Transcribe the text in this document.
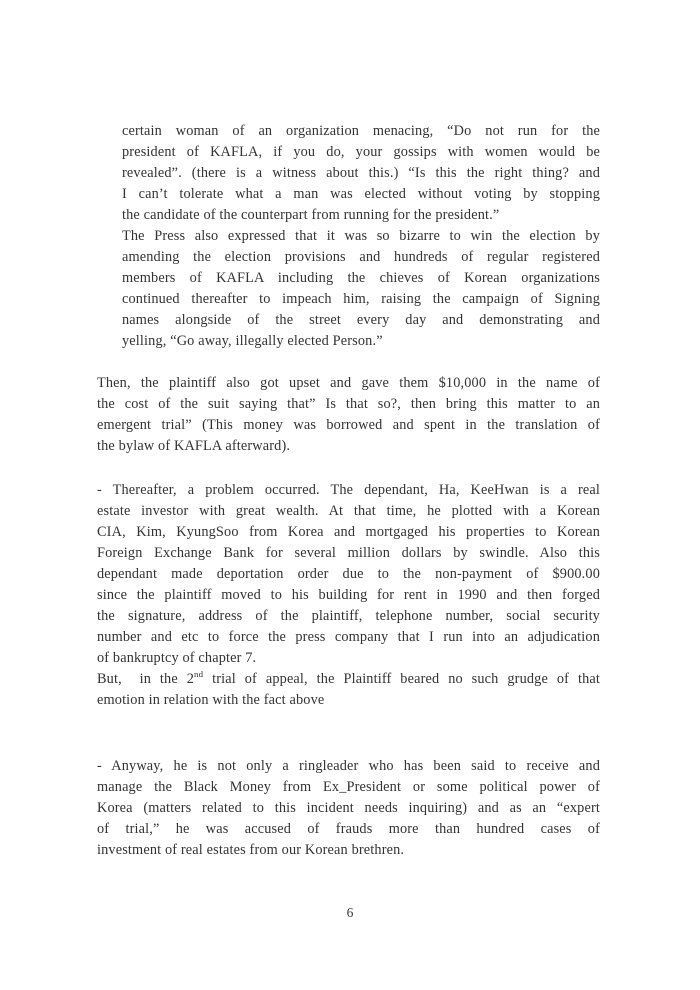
certain woman of an organization menacing, “Do not run for the
president of KAFLA, if you do, your gossips with women would be
revealed”. (there is a witness about this.) “Is this the right thing? and
I can’t tolerate what a man was elected without voting by stopping
the candidate of the counterpart from running for the president.”
The Press also expressed that it was so bizarre to win the election by
amending the election provisions and hundreds of regular registered
members of KAFLA including the chieves of Korean organizations
continued thereafter to impeach him, raising the campaign of Signing
names alongside of the street every day and demonstrating and
yelling, “Go away, illegally elected Person.”
Then, the plaintiff also got upset and gave them $10,000 in the name of
the cost of the suit saying that” Is that so?, then bring this matter to an
emergent trial” (This money was borrowed and spent in the translation of
the bylaw of KAFLA afterward).
- Thereafter, a problem occurred. The dependant, Ha, KeeHwan is a real
estate investor with great wealth. At that time, he plotted with a Korean
CIA, Kim, KyungSoo from Korea and mortgaged his properties to Korean
Foreign Exchange Bank for several million dollars by swindle. Also this
dependant made deportation order due to the non-payment of $900.00
since the plaintiff moved to his building for rent in 1990 and then forged
the signature, address of the plaintiff, telephone number, social security
number and etc to force the press company that I run into an adjudication
of bankruptcy of chapter 7.
But,  in the 2nd trial of appeal, the Plaintiff beared no such grudge of that
emotion in relation with the fact above
- Anyway, he is not only a ringleader who has been said to receive and
manage the Black Money from Ex_President or some political power of
Korea (matters related to this incident needs inquiring) and as an “expert
of trial,” he was accused of frauds more than hundred cases of
investment of real estates from our Korean brethren.
6
